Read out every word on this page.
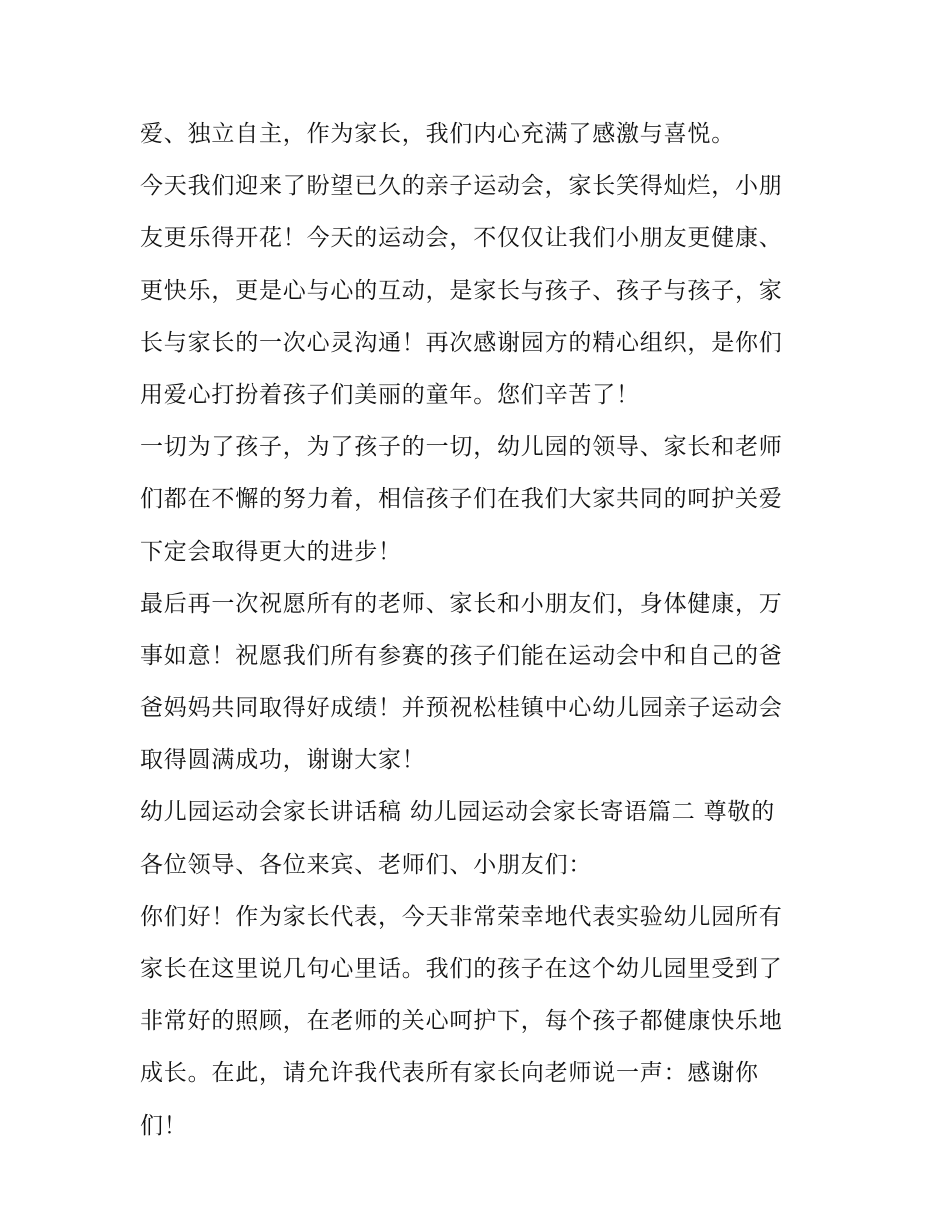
爱、独立自主，作为家长，我们内心充满了感激与喜悦。
今天我们迎来了盼望已久的亲子运动会，家长笑得灿烂，小朋
友更乐得开花！今天的运动会，不仅仅让我们小朋友更健康、
更快乐，更是心与心的互动，是家长与孩子、孩子与孩子，家
长与家长的一次心灵沟通！再次感谢园方的精心组织，是你们
用爱心打扮着孩子们美丽的童年。您们辛苦了！
一切为了孩子，为了孩子的一切，幼儿园的领导、家长和老师
们都在不懈的努力着，相信孩子们在我们大家共同的呵护关爱
下定会取得更大的进步！
最后再一次祝愿所有的老师、家长和小朋友们，身体健康，万
事如意！祝愿我们所有参赛的孩子们能在运动会中和自己的爸
爸妈妈共同取得好成绩！并预祝松桂镇中心幼儿园亲子运动会
取得圆满成功，谢谢大家！
幼儿园运动会家长讲话稿 幼儿园运动会家长寄语篇二 尊敬的
各位领导、各位来宾、老师们、小朋友们：
你们好！作为家长代表，今天非常荣幸地代表实验幼儿园所有
家长在这里说几句心里话。我们的孩子在这个幼儿园里受到了
非常好的照顾，在老师的关心呵护下，每个孩子都健康快乐地
成长。在此，请允许我代表所有家长向老师说一声：感谢你
们！
